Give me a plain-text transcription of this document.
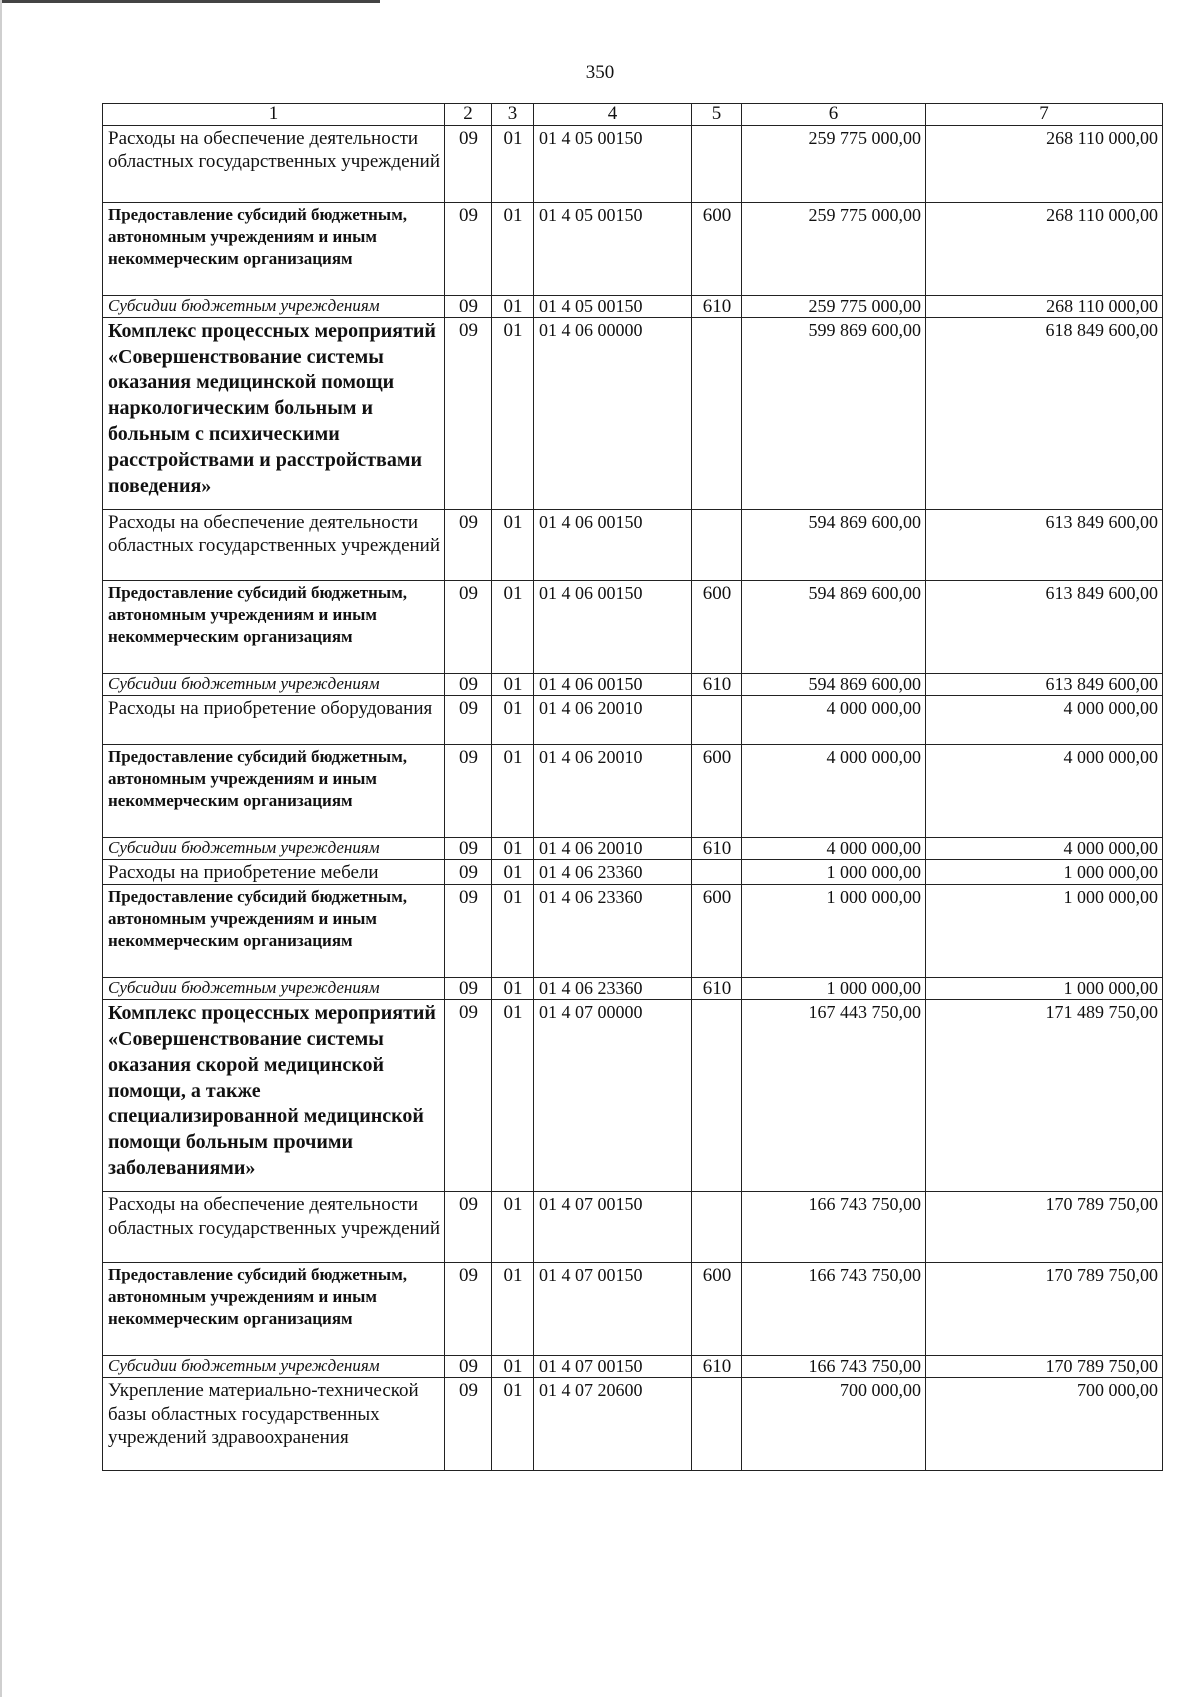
350
1	2	3	4	5	6	7
Расходы на обеспечение деятельности областных государственных учреждений	09	01	01 4 05 00150		259 775 000,00	268 110 000,00
Предоставление субсидий бюджетным, автономным учреждениям и иным некоммерческим организациям	09	01	01 4 05 00150	600	259 775 000,00	268 110 000,00
Субсидии бюджетным учреждениям	09	01	01 4 05 00150	610	259 775 000,00	268 110 000,00
Комплекс процессных мероприятий «Совершенствование системы оказания медицинской помощи наркологическим больным и больным с психическими расстройствами и расстройствами поведения»	09	01	01 4 06 00000		599 869 600,00	618 849 600,00
Расходы на обеспечение деятельности областных государственных учреждений	09	01	01 4 06 00150		594 869 600,00	613 849 600,00
Предоставление субсидий бюджетным, автономным учреждениям и иным некоммерческим организациям	09	01	01 4 06 00150	600	594 869 600,00	613 849 600,00
Субсидии бюджетным учреждениям	09	01	01 4 06 00150	610	594 869 600,00	613 849 600,00
Расходы на приобретение оборудования	09	01	01 4 06 20010		4 000 000,00	4 000 000,00
Предоставление субсидий бюджетным, автономным учреждениям и иным некоммерческим организациям	09	01	01 4 06 20010	600	4 000 000,00	4 000 000,00
Субсидии бюджетным учреждениям	09	01	01 4 06 20010	610	4 000 000,00	4 000 000,00
Расходы на приобретение мебели	09	01	01 4 06 23360		1 000 000,00	1 000 000,00
Предоставление субсидий бюджетным, автономным учреждениям и иным некоммерческим организациям	09	01	01 4 06 23360	600	1 000 000,00	1 000 000,00
Субсидии бюджетным учреждениям	09	01	01 4 06 23360	610	1 000 000,00	1 000 000,00
Комплекс процессных мероприятий «Совершенствование системы оказания скорой медицинской помощи, а также специализированной медицинской помощи больным прочими заболеваниями»	09	01	01 4 07 00000		167 443 750,00	171 489 750,00
Расходы на обеспечение деятельности областных государственных учреждений	09	01	01 4 07 00150		166 743 750,00	170 789 750,00
Предоставление субсидий бюджетным, автономным учреждениям и иным некоммерческим организациям	09	01	01 4 07 00150	600	166 743 750,00	170 789 750,00
Субсидии бюджетным учреждениям	09	01	01 4 07 00150	610	166 743 750,00	170 789 750,00
Укрепление материально-технической базы областных государственных учреждений здравоохранения	09	01	01 4 07 20600		700 000,00	700 000,00
